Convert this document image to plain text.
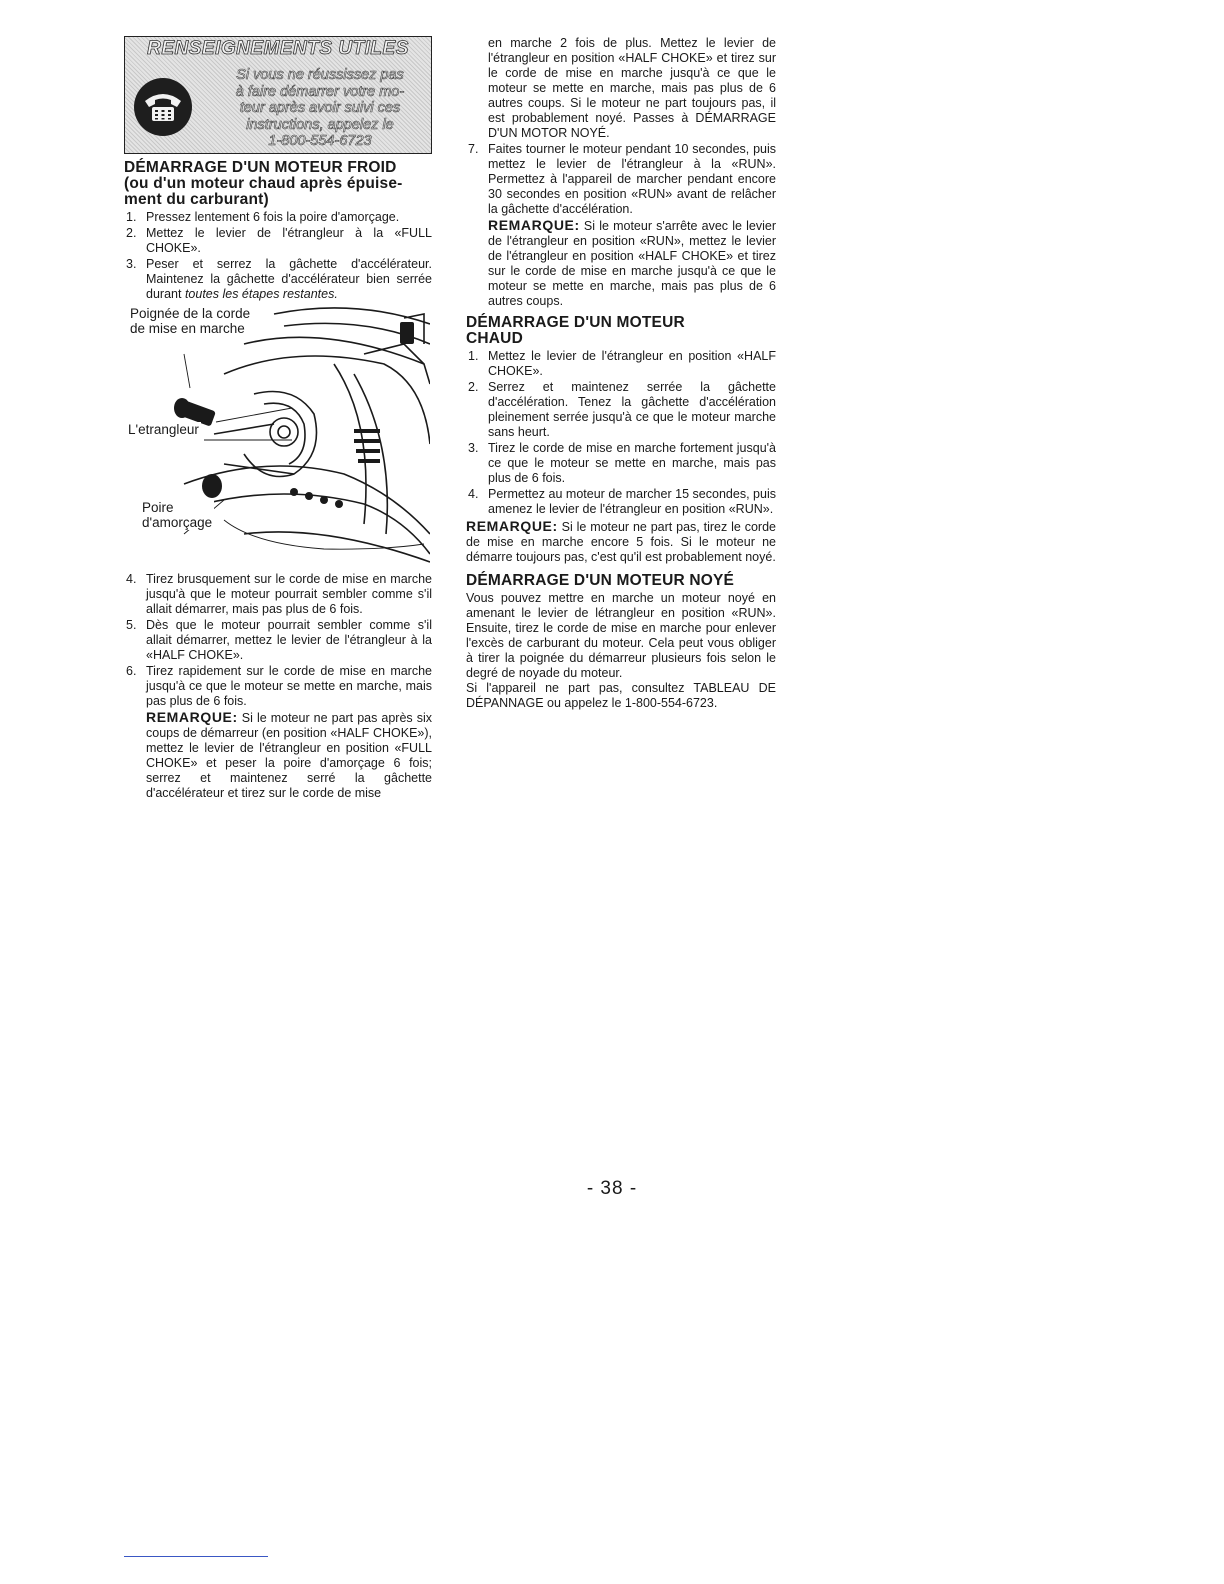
RENSEIGNEMENTS UTILES
Si vous ne réussissez pas
à faire démarrer votre mo-
teur après avoir suivi ces
instructions, appelez le
1-800-554-6723
DÉMARRAGE D'UN MOTEUR FROID
(ou d'un moteur chaud après épuise-
ment du carburant)
1. Pressez lentement 6 fois la poire d'amorçage.
2. Mettez le levier de l'étrangleur à la «FULL CHOKE».
3. Peser et serrez la gâchette d'accélérateur. Maintenez la gâchette d'accélérateur bien serrée durant toutes les étapes restantes.
Poignée de la corde
de mise en marche
L'etrangleur
Poire
d'amorçage
4. Tirez brusquement sur le corde de mise en marche jusqu'à que le moteur pourrait sembler comme s'il allait démarrer, mais pas plus de 6 fois.
5. Dès que le moteur pourrait sembler comme s'il allait démarrer, mettez le levier de l'étrangleur à la «HALF CHOKE».
6. Tirez rapidement sur le corde de mise en marche jusqu'à ce que le moteur se mette en marche, mais pas plus de 6 fois.

REMARQUE: Si le moteur ne part pas après six coups de démarreur (en position «HALF CHOKE»), mettez le levier de l'étrangleur en position «FULL CHOKE» et peser la poire d'amorçage 6 fois; serrez et maintenez serré la gâchette d'accélérateur et tirez sur le corde de mise

en marche 2 fois de plus. Mettez le levier de l'étrangleur en position «HALF CHOKE» et tirez sur le corde de mise en marche jusqu'à ce que le moteur se mette en marche, mais pas plus de 6 autres coups. Si le moteur ne part toujours pas, il est probablement noyé. Passes à DÉMARRAGE D'UN MOTOR NOYÉ.
7. Faites tourner le moteur pendant 10 secondes, puis mettez le levier de l'étrangleur à la «RUN». Permettez à l'appareil de marcher pendant encore 30 secondes en position «RUN» avant de relâcher la gâchette d'accélération.

REMARQUE: Si le moteur s'arrête avec le levier de l'étrangleur en position «RUN», mettez le levier de l'étrangleur en position «HALF CHOKE» et tirez sur le corde de mise en marche jusqu'à ce que le moteur se mette en marche, mais pas plus de 6 autres coups.

DÉMARRAGE D'UN MOTEUR
CHAUD
1. Mettez le levier de l'étrangleur en position «HALF CHOKE».
2. Serrez et maintenez serrée la gâchette d'accélération. Tenez la gâchette d'accélération pleinement serrée jusqu'à ce que le moteur marche sans heurt.
3. Tirez le corde de mise en marche fortement jusqu'à ce que le moteur se mette en marche, mais pas plus de 6 fois.
4. Permettez au moteur de marcher 15 secondes, puis amenez le levier de l'étrangleur en position «RUN».

REMARQUE: Si le moteur ne part pas, tirez le corde de mise en marche encore 5 fois. Si le moteur ne démarre toujours pas, c'est qu'il est probablement noyé.

DÉMARRAGE D'UN MOTEUR NOYÉ

Vous pouvez mettre en marche un moteur noyé en amenant le levier de létrangleur en position «RUN». Ensuite, tirez le corde de mise en marche pour enlever l'excès de carburant du moteur. Cela peut vous obliger à tirer la poignée du démarreur plusieurs fois selon le degré de noyade du moteur.

Si l'appareil ne part pas, consultez TABLEAU DE DÉPANNAGE ou appelez le 1-800-554-6723.

- 38 -
